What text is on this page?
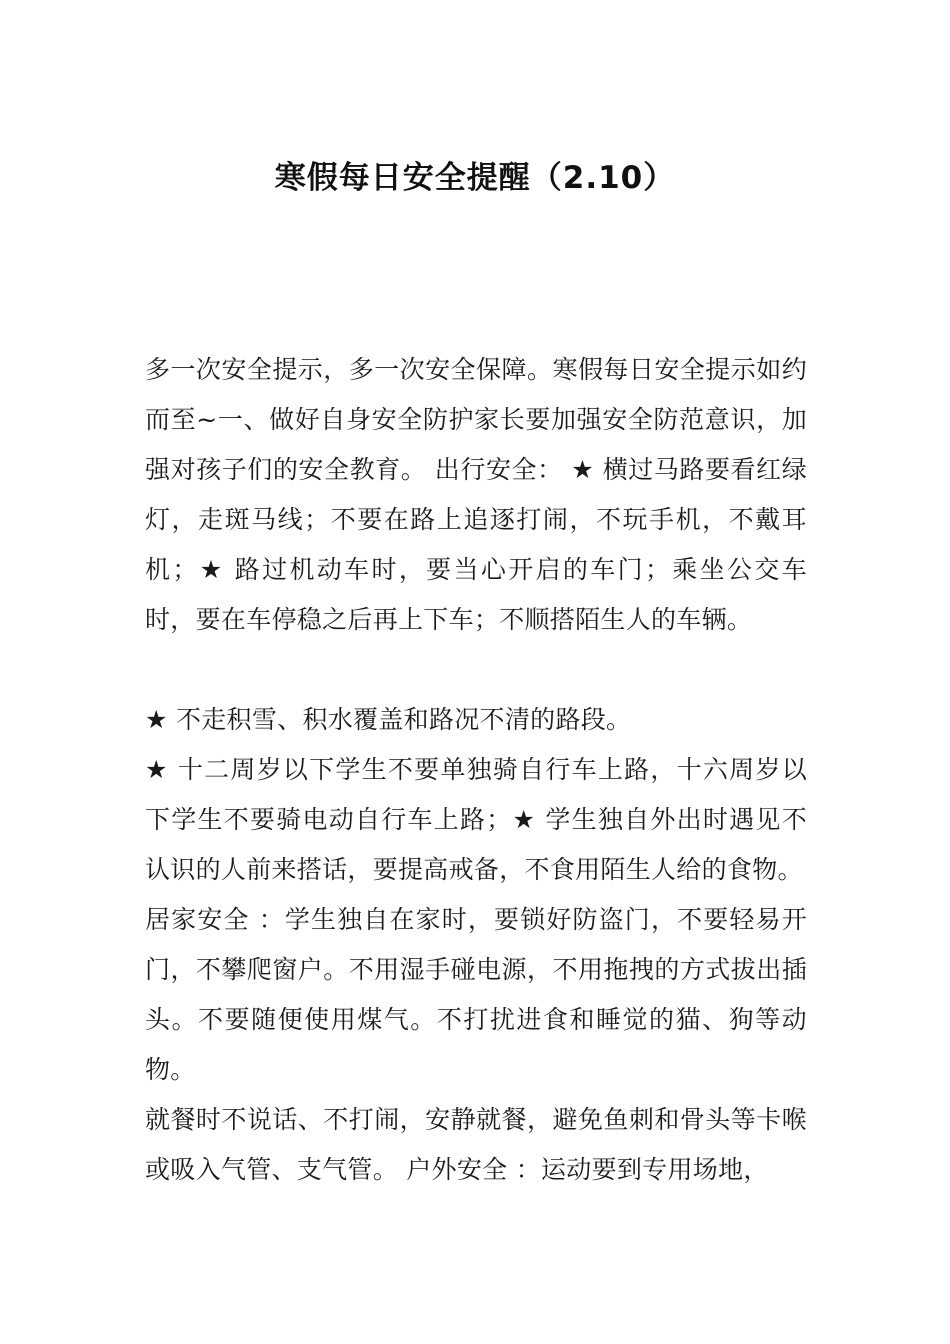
寒假每日安全提醒（2.10）

多一次安全提示，多一次安全保障。寒假每日安全提示如约而至~一、做好自身安全防护家长要加强安全防范意识，加强对孩子们的安全教育。 出行安全： ★ 横过马路要看红绿灯，走斑马线；不要在路上追逐打闹，不玩手机，不戴耳机；★ 路过机动车时，要当心开启的车门；乘坐公交车时，要在车停稳之后再上下车；不顺搭陌生人的车辆。

★ 不走积雪、积水覆盖和路况不清的路段。

★ 十二周岁以下学生不要单独骑自行车上路，十六周岁以下学生不要骑电动自行车上路；★ 学生独自外出时遇见不认识的人前来搭话，要提高戒备，不食用陌生人给的食物。

居家安全 ：学生独自在家时，要锁好防盗门，不要轻易开门，不攀爬窗户。不用湿手碰电源，不用拖拽的方式拔出插头。不要随便使用煤气。不打扰进食和睡觉的猫、狗等动物。

就餐时不说话、不打闹，安静就餐，避免鱼刺和骨头等卡喉或吸入气管、支气管。 户外安全 ：运动要到专用场地，
